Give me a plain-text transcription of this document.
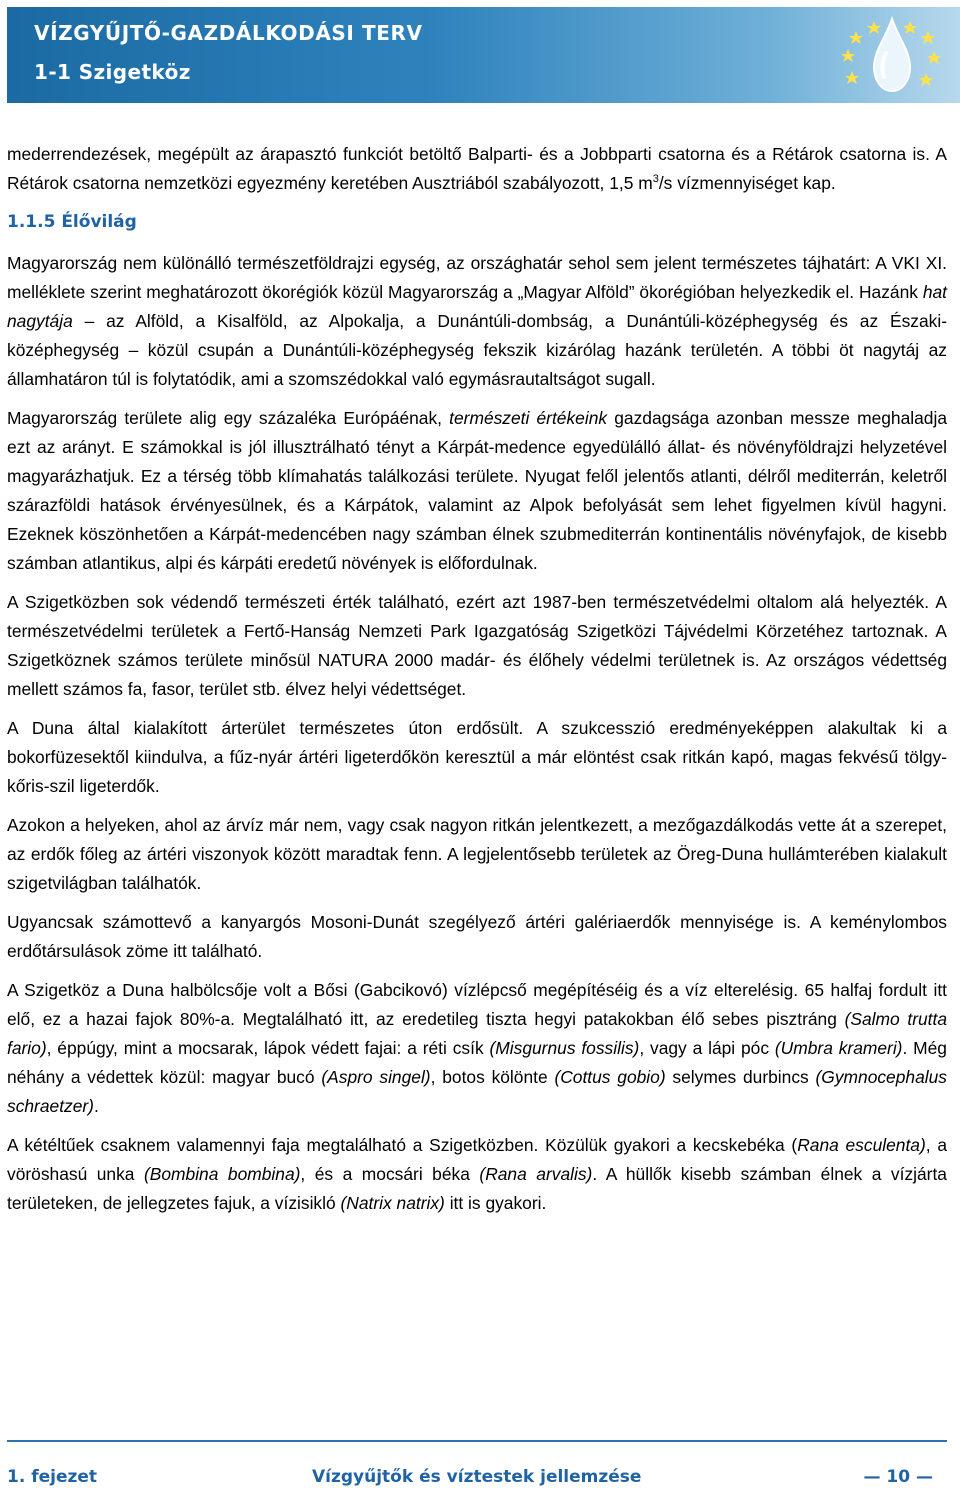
VÍZGYŰJTŐ-GAZDÁLKODÁSI TERV
1-1 Szigetköz

mederrendezések, megépült az árapasztó funkciót betöltő Balparti- és a Jobbparti csatorna és a Rétárok csatorna is. A Rétárok csatorna nemzetközi egyezmény keretében Ausztriából szabályozott, 1,5 $m^3/s$ vízmennyiséget kap.

1.1.5 Élővilág

Magyarország nem különálló természetföldrajzi egység, az országhatár sehol sem jelent természetes tájhatárt: A VKI XI. melléklete szerint meghatározott ökorégiók közül Magyarország a „Magyar Alföld” ökorégióban helyezkedik el. Hazánk hat nagytája – az Alföld, a Kisalföld, az Alpokalja, a Dunántúli-dombság, a Dunántúli-középhegység és az Északi-középhegység – közül csupán a Dunántúli-középhegység fekszik kizárólag hazánk területén. A többi öt nagytáj az államhatáron túl is folytatódik, ami a szomszédokkal való egymásrautaltságot sugall.

Magyarország területe alig egy százaléka Európáénak, természeti értékeink gazdagsága azonban messze meghaladja ezt az arányt. E számokkal is jól illusztrálható tényt a Kárpát-medence egyedülálló állat- és növényföldrajzi helyzetével magyarázhatjuk. Ez a térség több klímahatás találkozási területe. Nyugat felől jelentős atlanti, délről mediterrán, keletről szárazföldi hatások érvényesülnek, és a Kárpátok, valamint az Alpok befolyását sem lehet figyelmen kívül hagyni. Ezeknek köszönhetően a Kárpát-medencében nagy számban élnek szubmediterrán kontinentális növényfajok, de kisebb számban atlantikus, alpi és kárpáti eredetű növények is előfordulnak.

A Szigetközben sok védendő természeti érték található, ezért azt 1987-ben természetvédelmi oltalom alá helyezték. A természetvédelmi területek a Fertő-Hanság Nemzeti Park Igazgatóság Szigetközi Tájvédelmi Körzetéhez tartoznak. A Szigetköznek számos területe minősül NATURA 2000 madár- és élőhely védelmi területnek is. Az országos védettség mellett számos fa, fasor, terület stb. élvez helyi védettséget.

A Duna által kialakított árterület természetes úton erdősült. A szukcesszió eredményeképpen alakultak ki a bokorfüzesektől kiindulva, a fűz-nyár ártéri ligeterdőkön keresztül a már elöntést csak ritkán kapó, magas fekvésű tölgy-kőris-szil ligeterdők.

Azokon a helyeken, ahol az árvíz már nem, vagy csak nagyon ritkán jelentkezett, a mezőgazdálkodás vette át a szerepet, az erdők főleg az ártéri viszonyok között maradtak fenn. A legjelentősebb területek az Öreg-Duna hullámterében kialakult szigetvilágban találhatók.

Ugyancsak számottevő a kanyargós Mosoni-Dunát szegélyező ártéri galériaerdők mennyisége is. A keménylombos erdőtársulások zöme itt található.

A Szigetköz a Duna halbölcsője volt a Bősi (Gabcikovó) vízlépcső megépítéséig és a víz elterelésig. 65 halfaj fordult itt elő, ez a hazai fajok 80%-a. Megtalálható itt, az eredetileg tiszta hegyi patakokban élő sebes pisztráng (Salmo trutta fario), éppúgy, mint a mocsarak, lápok védett fajai: a réti csík (Misgurnus fossilis), vagy a lápi póc (Umbra krameri). Még néhány a védettek közül: magyar bucó (Aspro singel), botos kölönte (Cottus gobio) selymes durbincs (Gymnocephalus schraetzer).

A kétéltűek csaknem valamennyi faja megtalálható a Szigetközben. Közülük gyakori a kecskebéka (Rana esculenta), a vöröshasú unka (Bombina bombina), és a mocsári béka (Rana arvalis). A hüllők kisebb számban élnek a vízjárta területeken, de jellegzetes fajuk, a vízisikló (Natrix natrix) itt is gyakori.

1. fejezet	Vízgyűjtők és víztestek jellemzése	— 10 —
